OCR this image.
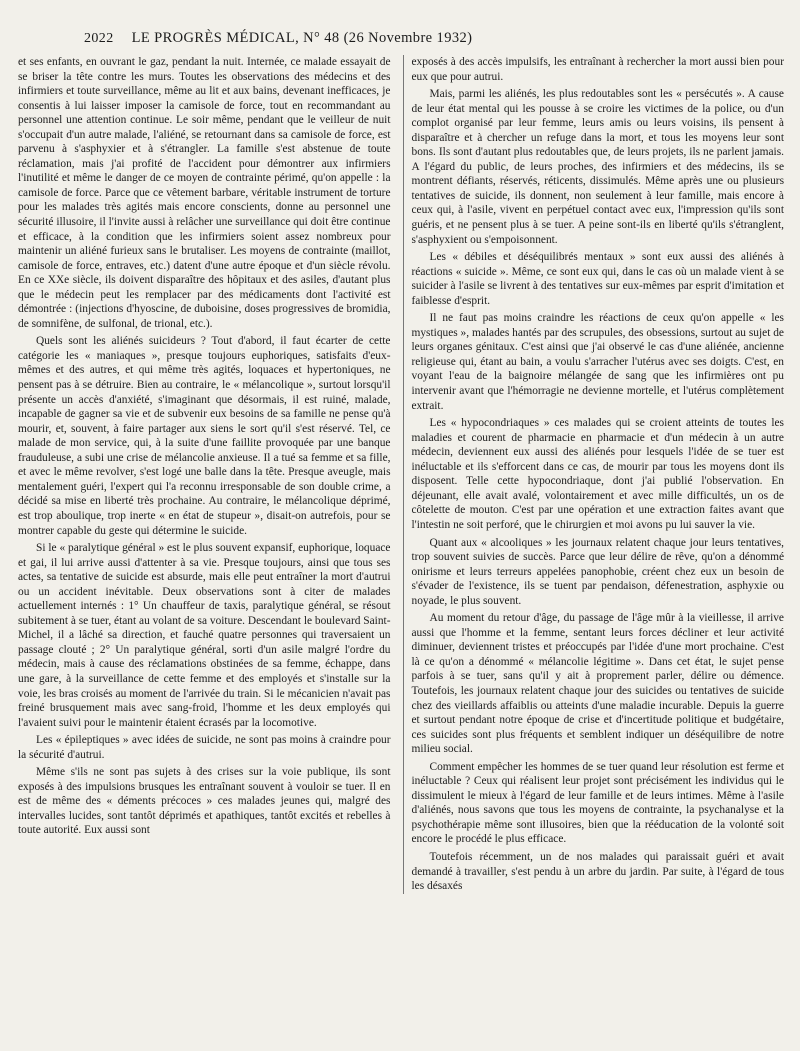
2022 LE PROGRÈS MÉDICAL, N° 48 (26 Novembre 1932)

et ses enfants, en ouvrant le gaz, pendant la nuit. Internée, ce malade essayait de se briser la tête contre les murs. Toutes les observations des médecins et des infirmiers et toute surveillance, même au lit et aux bains, devenant inefficaces, je consentis à lui laisser imposer la camisole de force, tout en recommandant au personnel une attention continue. Le soir même, pendant que le veilleur de nuit s'occupait d'un autre malade, l'aliéné, se retournant dans sa camisole de force, est parvenu à s'asphyxier et à s'étrangler. La famille s'est abstenue de toute réclamation, mais j'ai profité de l'accident pour démontrer aux infirmiers l'inutilité et même le danger de ce moyen de contrainte périmé, qu'on appelle : la camisole de force. Parce que ce vêtement barbare, véritable instrument de torture pour les malades très agités mais encore conscients, donne au personnel une sécurité illusoire, il l'invite aussi à relâcher une surveillance qui doit être continue et efficace, à la condition que les infirmiers soient assez nombreux pour maintenir un aliéné furieux sans le brutaliser. Les moyens de contrainte (maillot, camisole de force, entraves, etc.) datent d'une autre époque et d'un siècle révolu. En ce XXe siècle, ils doivent disparaître des hôpitaux et des asiles, d'autant plus que le médecin peut les remplacer par des médicaments dont l'activité est démontrée : (injections d'hyoscine, de duboisine, doses progressives de bromidia, de somnifène, de sulfonal, de trional, etc.).

Quels sont les aliénés suicideurs ? Tout d'abord, il faut écarter de cette catégorie les « maniaques », presque toujours euphoriques, satisfaits d'eux-mêmes et des autres, et qui même très agités, loquaces et hypertoniques, ne pensent pas à se détruire. Bien au contraire, le « mélancolique », surtout lorsqu'il présente un accès d'anxiété, s'imaginant que désormais, il est ruiné, malade, incapable de gagner sa vie et de subvenir eux besoins de sa famille ne pense qu'à mourir, et, souvent, à faire partager aux siens le sort qu'il s'est réservé. Tel, ce malade de mon service, qui, à la suite d'une faillite provoquée par une banque frauduleuse, a subi une crise de mélancolie anxieuse. Il a tué sa femme et sa fille, et avec le même revolver, s'est logé une balle dans la tête. Presque aveugle, mais mentalement guéri, l'expert qui l'a reconnu irresponsable de son double crime, a décidé sa mise en liberté très prochaine. Au contraire, le mélancolique déprimé, est trop aboulique, trop inerte « en état de stupeur », disait-on autrefois, pour se montrer capable du geste qui détermine le suicide.

Si le « paralytique général » est le plus souvent expansif, euphorique, loquace et gai, il lui arrive aussi d'attenter à sa vie. Presque toujours, ainsi que tous ses actes, sa tentative de suicide est absurde, mais elle peut entraîner la mort d'autrui ou un accident inévitable. Deux observations sont à citer de malades actuellement internés : 1° Un chauffeur de taxis, paralytique général, se résout subitement à se tuer, étant au volant de sa voiture. Descendant le boulevard Saint-Michel, il a lâché sa direction, et fauché quatre personnes qui traversaient un passage clouté ; 2° Un paralytique général, sorti d'un asile malgré l'ordre du médecin, mais à cause des réclamations obstinées de sa femme, échappe, dans une gare, à la surveillance de cette femme et des employés et s'installe sur la voie, les bras croisés au moment de l'arrivée du train. Si le mécanicien n'avait pas freiné brusquement mais avec sang-froid, l'homme et les deux employés qui l'avaient suivi pour le maintenir étaient écrasés par la locomotive.

Les « épileptiques » avec idées de suicide, ne sont pas moins à craindre pour la sécurité d'autrui.

Même s'ils ne sont pas sujets à des crises sur la voie publique, ils sont exposés à des impulsions brusques les entraînant souvent à vouloir se tuer. Il en est de même des « déments précoces » ces malades jeunes qui, malgré des intervalles lucides, sont tantôt déprimés et apathiques, tantôt excités et rebelles à toute autorité. Eux aussi sont

exposés à des accès impulsifs, les entraînant à rechercher la mort aussi bien pour eux que pour autrui.

Mais, parmi les aliénés, les plus redoutables sont les « persécutés ». A cause de leur état mental qui les pousse à se croire les victimes de la police, ou d'un complot organisé par leur femme, leurs amis ou leurs voisins, ils pensent à disparaître et à chercher un refuge dans la mort, et tous les moyens leur sont bons. Ils sont d'autant plus redoutables que, de leurs projets, ils ne parlent jamais. A l'égard du public, de leurs proches, des infirmiers et des médecins, ils se montrent défiants, réservés, réticents, dissimulés. Même après une ou plusieurs tentatives de suicide, ils donnent, non seulement à leur famille, mais encore à ceux qui, à l'asile, vivent en perpétuel contact avec eux, l'impression qu'ils sont guéris, et ne pensent plus à se tuer. A peine sont-ils en liberté qu'ils s'étranglent, s'asphyxient ou s'empoisonnent.

Les « débiles et déséquilibrés mentaux » sont eux aussi des aliénés à réactions « suicide ». Même, ce sont eux qui, dans le cas où un malade vient à se suicider à l'asile se livrent à des tentatives sur eux-mêmes par esprit d'imitation et faiblesse d'esprit.

Il ne faut pas moins craindre les réactions de ceux qu'on appelle « les mystiques », malades hantés par des scrupules, des obsessions, surtout au sujet de leurs organes génitaux. C'est ainsi que j'ai observé le cas d'une aliénée, ancienne religieuse qui, étant au bain, a voulu s'arracher l'utérus avec ses doigts. C'est, en voyant l'eau de la baignoire mélangée de sang que les infirmières ont pu intervenir avant que l'hémorragie ne devienne mortelle, et l'utérus complètement extrait.

Les « hypocondriaques » ces malades qui se croient atteints de toutes les maladies et courent de pharmacie en pharmacie et d'un médecin à un autre médecin, deviennent eux aussi des aliénés pour lesquels l'idée de se tuer est inéluctable et ils s'efforcent dans ce cas, de mourir par tous les moyens dont ils disposent. Telle cette hypocondriaque, dont j'ai publié l'observation. En déjeunant, elle avait avalé, volontairement et avec mille difficultés, un os de côtelette de mouton. C'est par une opération et une extraction faites avant que l'intestin ne soit perforé, que le chirurgien et moi avons pu lui sauver la vie.

Quant aux « alcooliques » les journaux relatent chaque jour leurs tentatives, trop souvent suivies de succès. Parce que leur délire de rêve, qu'on a dénommé onirisme et leurs terreurs appelées panophobie, créent chez eux un besoin de s'évader de l'existence, ils se tuent par pendaison, défenestration, asphyxie ou noyade, le plus souvent.

Au moment du retour d'âge, du passage de l'âge mûr à la vieillesse, il arrive aussi que l'homme et la femme, sentant leurs forces décliner et leur activité diminuer, deviennent tristes et préoccupés par l'idée d'une mort prochaine. C'est là ce qu'on a dénommé « mélancolie légitime ». Dans cet état, le sujet pense parfois à se tuer, sans qu'il y ait à proprement parler, délire ou démence. Toutefois, les journaux relatent chaque jour des suicides ou tentatives de suicide chez des vieillards affaiblis ou atteints d'une maladie incurable. Depuis la guerre et surtout pendant notre époque de crise et d'incertitude politique et budgétaire, ces suicides sont plus fréquents et semblent indiquer un déséquilibre de notre milieu social.

Comment empêcher les hommes de se tuer quand leur résolution est ferme et inéluctable ? Ceux qui réalisent leur projet sont précisément les individus qui le dissimulent le mieux à l'égard de leur famille et de leurs intimes. Même à l'asile d'aliénés, nous savons que tous les moyens de contrainte, la psychanalyse et la psychothérapie même sont illusoires, bien que la rééducation de la volonté soit encore le procédé le plus efficace.

Toutefois récemment, un de nos malades qui paraissait guéri et avait demandé à travailler, s'est pendu à un arbre du jardin. Par suite, à l'égard de tous les désaxés
